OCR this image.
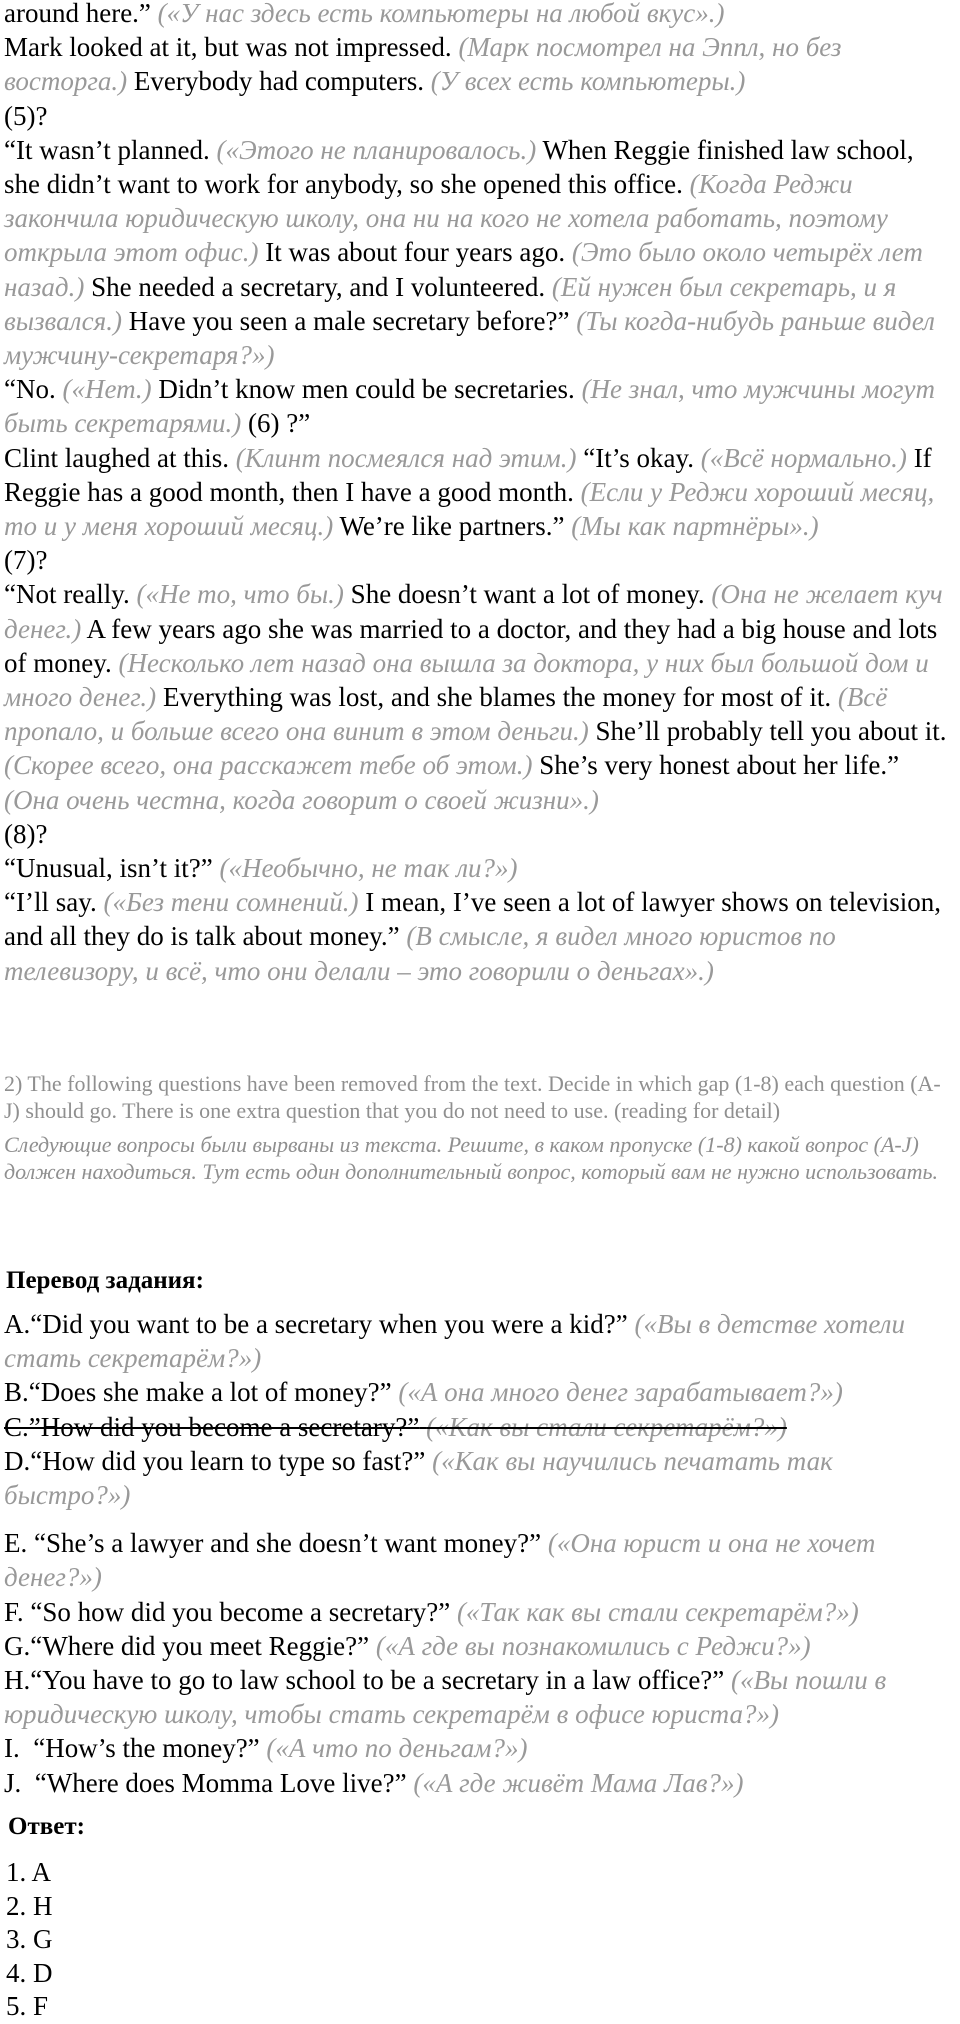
around here.” («У нас здесь есть компьютеры на любой вкус».)
Mark looked at it, but was not impressed. (Марк посмотрел на Эппл, но без восторга.) Everybody had computers. (У всех есть компьютеры.)
(5)?
“It wasn’t planned. («Этого не планировалось.) When Reggie finished law school, she didn’t want to work for anybody, so she opened this office. (Когда Реджи закончила юридическую школу, она ни на кого не хотела работать, поэтому открыла этот офис.) It was about four years ago. (Это было около четырёх лет назад.) She needed a secretary, and I volunteered. (Ей нужен был секретарь, и я вызвался.) Have you seen a male secretary before?” (Ты когда-нибудь раньше видел мужчину-секретаря?»)
“No. («Нет.) Didn’t know men could be secretaries. (Не знал, что мужчины могут быть секретарями.) (6) ?”
Clint laughed at this. (Клинт посмеялся над этим.) “It’s okay. («Всё нормально.) If Reggie has a good month, then I have a good month. (Если у Реджи хороший месяц, то и у меня хороший месяц.) We’re like partners.” (Мы как партнёры».)
(7)?
“Not really. («Не то, что бы.) She doesn’t want a lot of money. (Она не желает куч денег.) A few years ago she was married to a doctor, and they had a big house and lots of money. (Несколько лет назад она вышла за доктора, у них был большой дом и много денег.) Everything was lost, and she blames the money for most of it. (Всё пропало, и больше всего она винит в этом деньги.) She’ll probably tell you about it. (Скорее всего, она расскажет тебе об этом.) She’s very honest about her life.” (Она очень честна, когда говорит о своей жизни».)
(8)?
“Unusual, isn’t it?” («Необычно, не так ли?»)
“I’ll say. («Без тени сомнений.) I mean, I’ve seen a lot of lawyer shows on television, and all they do is talk about money.” (В смысле, я видел много юристов по телевизору, и всё, что они делали – это говорили о деньгах».)
2) The following questions have been removed from the text. Decide in which gap (1-8) each question (A-J) should go. There is one extra question that you do not need to use. (reading for detail)
Следующие вопросы были вырваны из текста. Решите, в каком пропуске (1-8) какой вопрос (A-J) должен находиться. Тут есть один дополнительный вопрос, который вам не нужно использовать.
Перевод задания:
A.“Did you want to be a secretary when you were a kid?” («Вы в детстве хотели стать секретарём?»)
B.“Does she make a lot of money?” («А она много денег зарабатывает?»)
C.”How did you become a secretary?” («Как вы стали секретарём?»)
D.“How did you learn to type so fast?” («Как вы научились печатать так быстро?»)
E. “She’s a lawyer and she doesn’t want money?” («Она юрист и она не хочет денег?»)
F. “So how did you become a secretary?” («Так как вы стали секретарём?»)
G.“Where did you meet Reggie?” («А где вы познакомились с Реджи?»)
H.“You have to go to law school to be a secretary in a law office?” («Вы пошли в юридическую школу, чтобы стать секретарём в офисе юриста?»)
I.  “How’s the money?” («А что по деньгам?»)
J.  “Where does Momma Love live?” («А где живёт Мама Лав?»)
Ответ:
1. A
2. H
3. G
4. D
5. F
